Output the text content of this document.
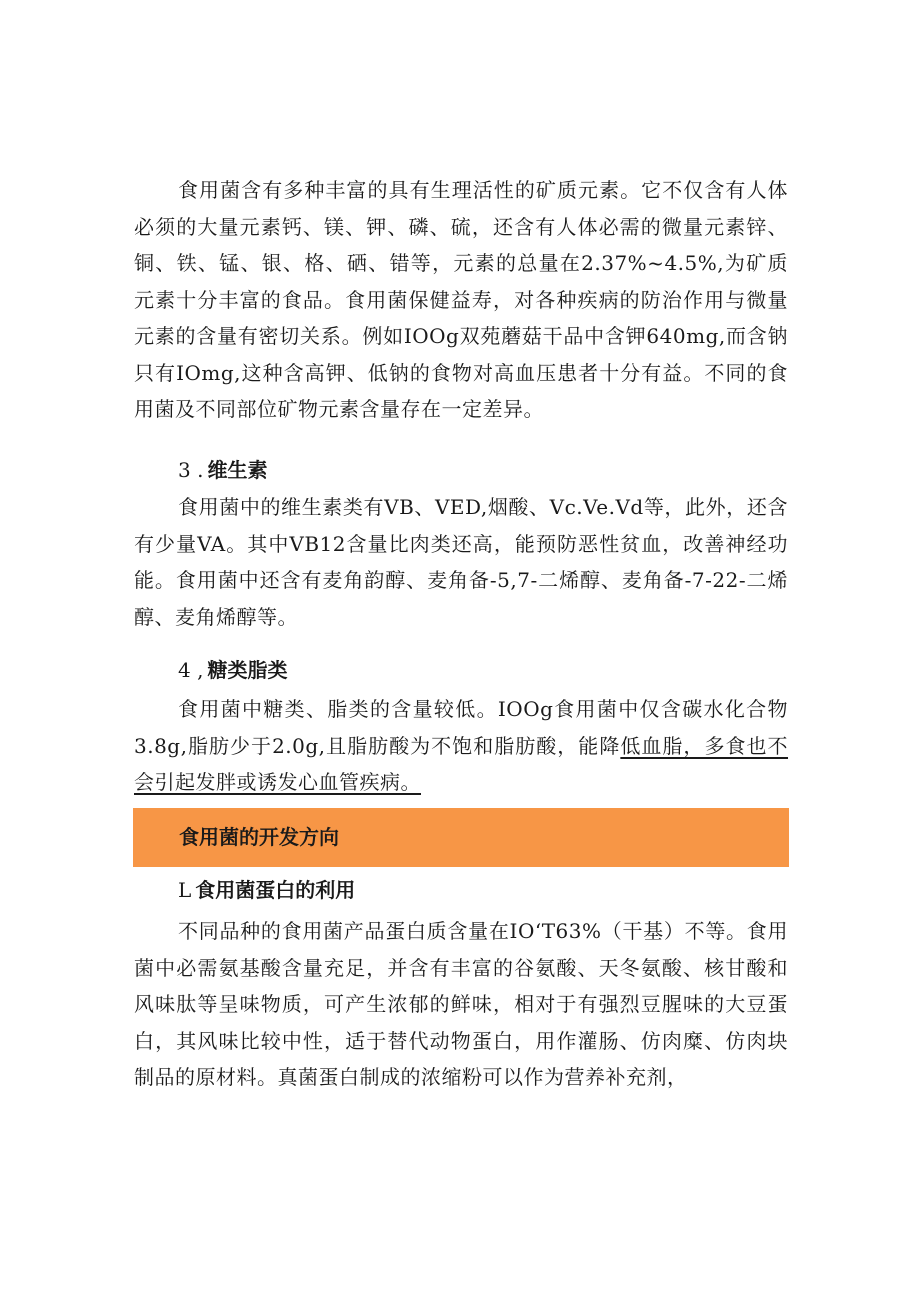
食用菌含有多种丰富的具有生理活性的矿质元素。它不仅含有人体必须的大量元素钙、镁、钾、磷、硫，还含有人体必需的微量元素锌、铜、铁、锰、银、格、硒、错等，元素的总量在2.37%~4.5%,为矿质元素十分丰富的食品。食用菌保健益寿，对各种疾病的防治作用与微量元素的含量有密切关系。例如IOOg双苑蘑菇干品中含钾640mg,而含钠只有IOmg,这种含高钾、低钠的食物对高血压患者十分有益。不同的食用菌及不同部位矿物元素含量存在一定差异。

3 . 维生素

食用菌中的维生素类有VB、VED,烟酸、Vc.Ve.Vd等，此外，还含有少量VA。其中VB12含量比肉类还高，能预防恶性贫血，改善神经功能。食用菌中还含有麦角韵醇、麦角备-5,7-二烯醇、麦角备-7-22-二烯醇、麦角烯醇等。

4 , 糖类脂类

食用菌中糖类、脂类的含量较低。IOOg食用菌中仅含碳水化合物3.8g,脂肪少于2.0g,且脂肪酸为不饱和脂肪酸，能降低血脂，多食也不会引起发胖或诱发心血管疾病。

食用菌的开发方向

L 食用菌蛋白的利用

不同品种的食用菌产品蛋白质含量在IO‘T63%（干基）不等。食用菌中必需氨基酸含量充足，并含有丰富的谷氨酸、天冬氨酸、核甘酸和风味肽等呈味物质，可产生浓郁的鲜味，相对于有强烈豆腥味的大豆蛋白，其风味比较中性，适于替代动物蛋白，用作灌肠、仿肉糜、仿肉块制品的原材料。真菌蛋白制成的浓缩粉可以作为营养补充剂，
